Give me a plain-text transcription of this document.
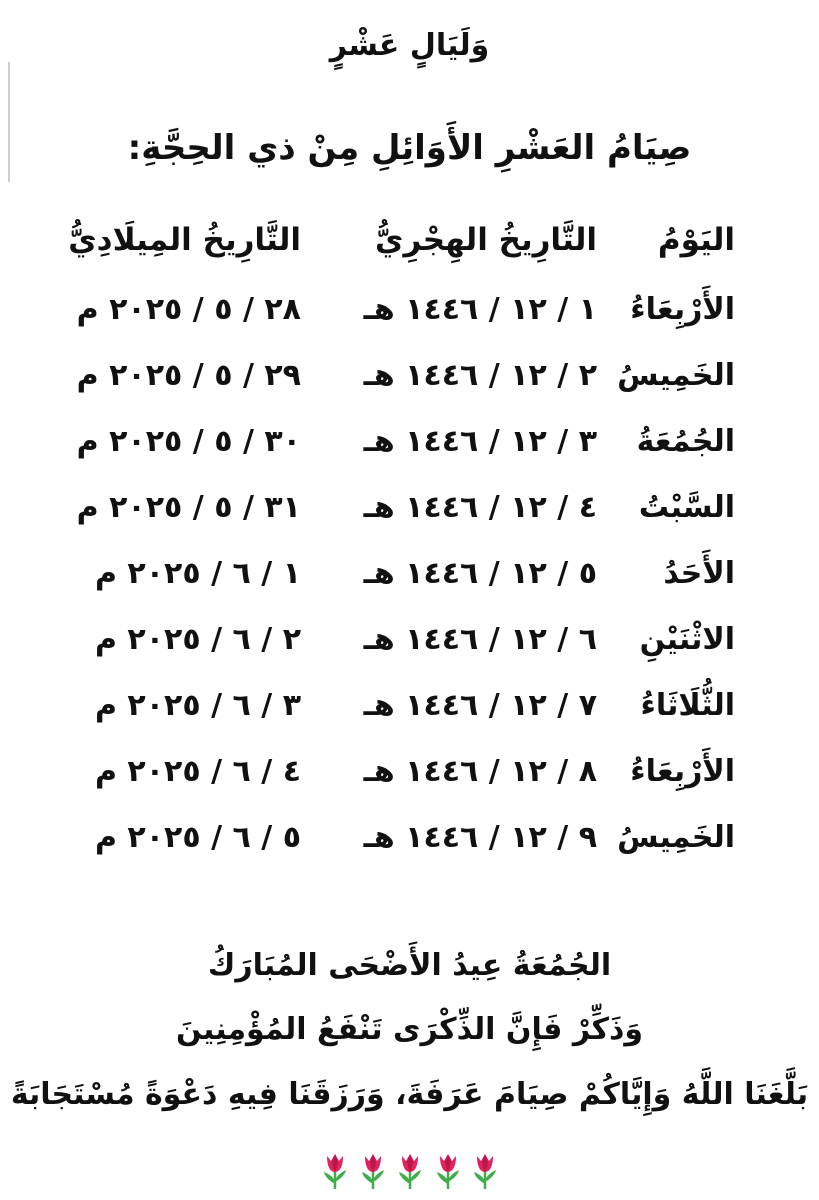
وَلَيَالٍ عَشْرٍ
صِيَامُ العَشْرِ الأَوَائِلِ مِنْ ذي الحِجَّةِ:
اليَوْمُ
التَّارِيخُ الهِجْرِيُّ
التَّارِيخُ المِيلَادِيُّ
الأَرْبِعَاءُ
١ / ١٢ / ١٤٤٦ هـ
٢٨ / ٥ / ٢٠٢٥ م
الخَمِيسُ
٢ / ١٢ / ١٤٤٦ هـ
٢٩ / ٥ / ٢٠٢٥ م
الجُمُعَةُ
٣ / ١٢ / ١٤٤٦ هـ
٣٠ / ٥ / ٢٠٢٥ م
السَّبْتُ
٤ / ١٢ / ١٤٤٦ هـ
٣١ / ٥ / ٢٠٢٥ م
الأَحَدُ
٥ / ١٢ / ١٤٤٦ هـ
١ / ٦ / ٢٠٢٥ م
الاثْنَيْنِ
٦ / ١٢ / ١٤٤٦ هـ
٢ / ٦ / ٢٠٢٥ م
الثُّلَاثَاءُ
٧ / ١٢ / ١٤٤٦ هـ
٣ / ٦ / ٢٠٢٥ م
الأَرْبِعَاءُ
٨ / ١٢ / ١٤٤٦ هـ
٤ / ٦ / ٢٠٢٥ م
الخَمِيسُ
٩ / ١٢ / ١٤٤٦ هـ
٥ / ٦ / ٢٠٢٥ م
الجُمُعَةُ عِيدُ الأَضْحَى المُبَارَكُ
وَذَكِّرْ فَإِنَّ الذِّكْرَى تَنْفَعُ المُؤْمِنِينَ
بَلَّغَنَا اللَّهُ وَإِيَّاكُمْ صِيَامَ عَرَفَةَ، وَرَزَقَنَا فِيهِ دَعْوَةً مُسْتَجَابَةً
